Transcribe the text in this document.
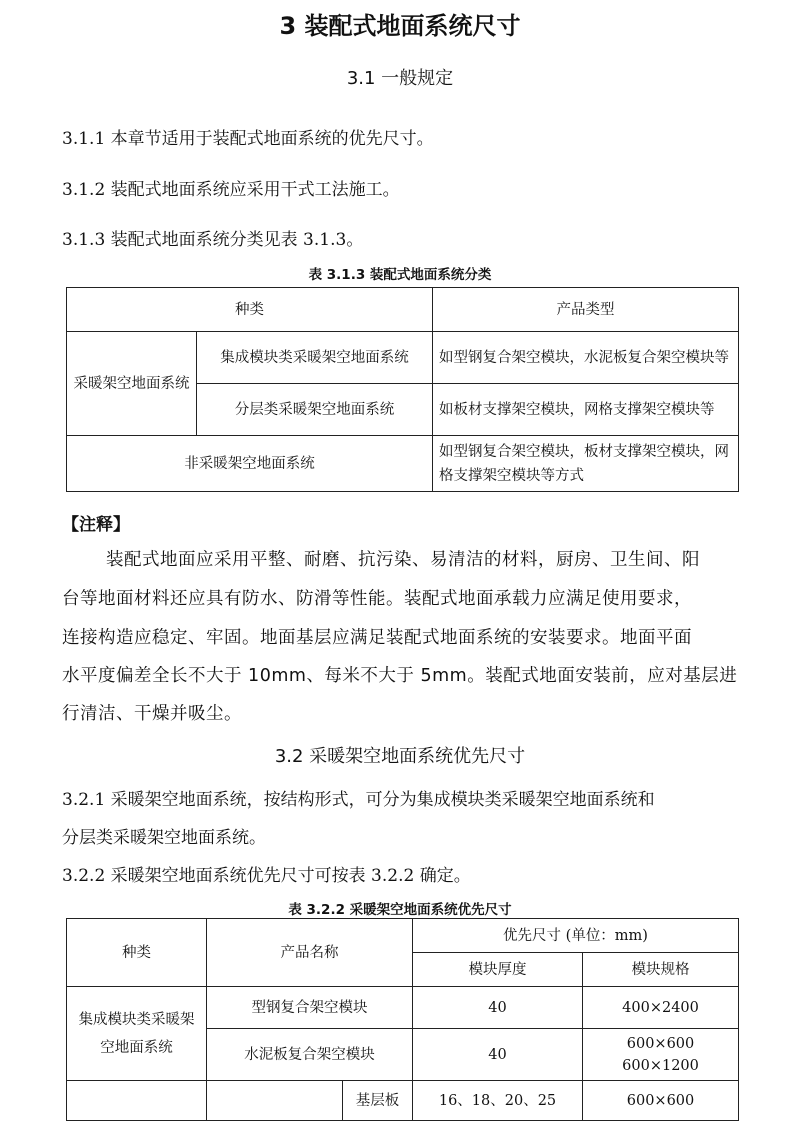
3 装配式地面系统尺寸
3.1 一般规定
3.1.1 本章节适用于装配式地面系统的优先尺寸。
3.1.2 装配式地面系统应采用干式工法施工。
3.1.3 装配式地面系统分类见表 3.1.3。
表 3.1.3 装配式地面系统分类
种类		产品类型
采暖架空地面系统	集成模块类采暖架空地面系统	如型钢复合架空模块，水泥板复合架空模块等
	分层类采暖架空地面系统	如板材支撑架空模块，网格支撑架空模块等
非采暖架空地面系统		如型钢复合架空模块，板材支撑架空模块，网格支撑架空模块等方式
【注释】
装配式地面应采用平整、耐磨、抗污染、易清洁的材料，厨房、卫生间、阳
台等地面材料还应具有防水、防滑等性能。装配式地面承载力应满足使用要求，
连接构造应稳定、牢固。地面基层应满足装配式地面系统的安装要求。地面平面
水平度偏差全长不大于 10mm、每米不大于 5mm。装配式地面安装前，应对基层进
行清洁、干燥并吸尘。
3.2 采暖架空地面系统优先尺寸
3.2.1 采暖架空地面系统，按结构形式，可分为集成模块类采暖架空地面系统和
分层类采暖架空地面系统。
3.2.2 采暖架空地面系统优先尺寸可按表 3.2.2 确定。
表 3.2.2 采暖架空地面系统优先尺寸
种类	产品名称		优先尺寸 (单位：mm)	
			模块厚度	模块规格
集成模块类采暖架空地面系统	型钢复合架空模块		40	400×2400
	水泥板复合架空模块		40	600×600
600×1200

		基层板	16、18、20、25	600×600
